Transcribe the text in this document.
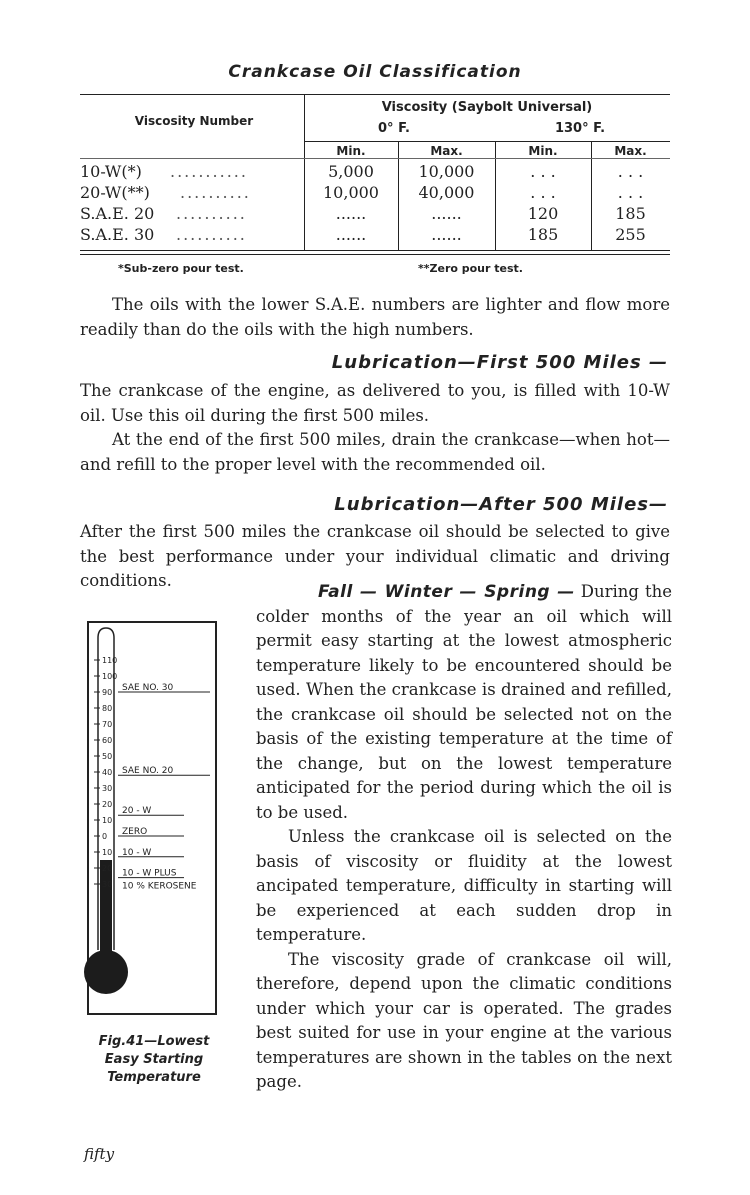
Crankcase Oil Classification
Viscosity Number
Viscosity (Saybolt Universal)
0° F.	130° F.
Min.	Max.	Min.	Max.
10-W(*) ...........	5,000	10,000	. . .	. . .
20-W(**) ..........	10,000	40,000	. . .	. . .
S.A.E. 20 ..........	......	......	120	185
S.A.E. 30 ..........	......	......	185	255
*Sub-zero pour test.	**Zero pour test.

The oils with the lower S.A.E. numbers are lighter and flow more readily than do the oils with the high numbers.

Lubrication—First 500 Miles —

The crankcase of the engine, as delivered to you, is filled with 10-W oil. Use this oil during the first 500 miles.

At the end of the first 500 miles, drain the crankcase—when hot—and refill to the proper level with the recommended oil.

Lubrication—After 500 Miles—

After the first 500 miles the crankcase oil should be selected to give the best performance under your individual climatic and driving conditions.

110
100
90
80
70
60
50
40
30
20
10
0
10
20
30
SAE NO. 30
SAE NO. 20
20 - W
ZERO
10 - W
10 - W PLUS
10 % KEROSENE
Fig.41—Lowest
Easy Starting
Temperature

Fall — Winter — Spring — During the colder months of the year an oil which will permit easy starting at the lowest atmospheric temperature likely to be encountered should be used. When the crankcase is drained and refilled, the crankcase oil should be selected not on the basis of the existing temperature at the time of the change, but on the lowest temperature anticipated for the period during which the oil is to be used.

Unless the crankcase oil is selected on the basis of viscosity or fluidity at the lowest ancipated temperature, difficulty in starting will be experienced at each sudden drop in temperature.

The viscosity grade of crankcase oil will, therefore, depend upon the climatic conditions under which your car is operated. The grades best suited for use in your engine at the various temperatures are shown in the tables on the next page.

fifty
